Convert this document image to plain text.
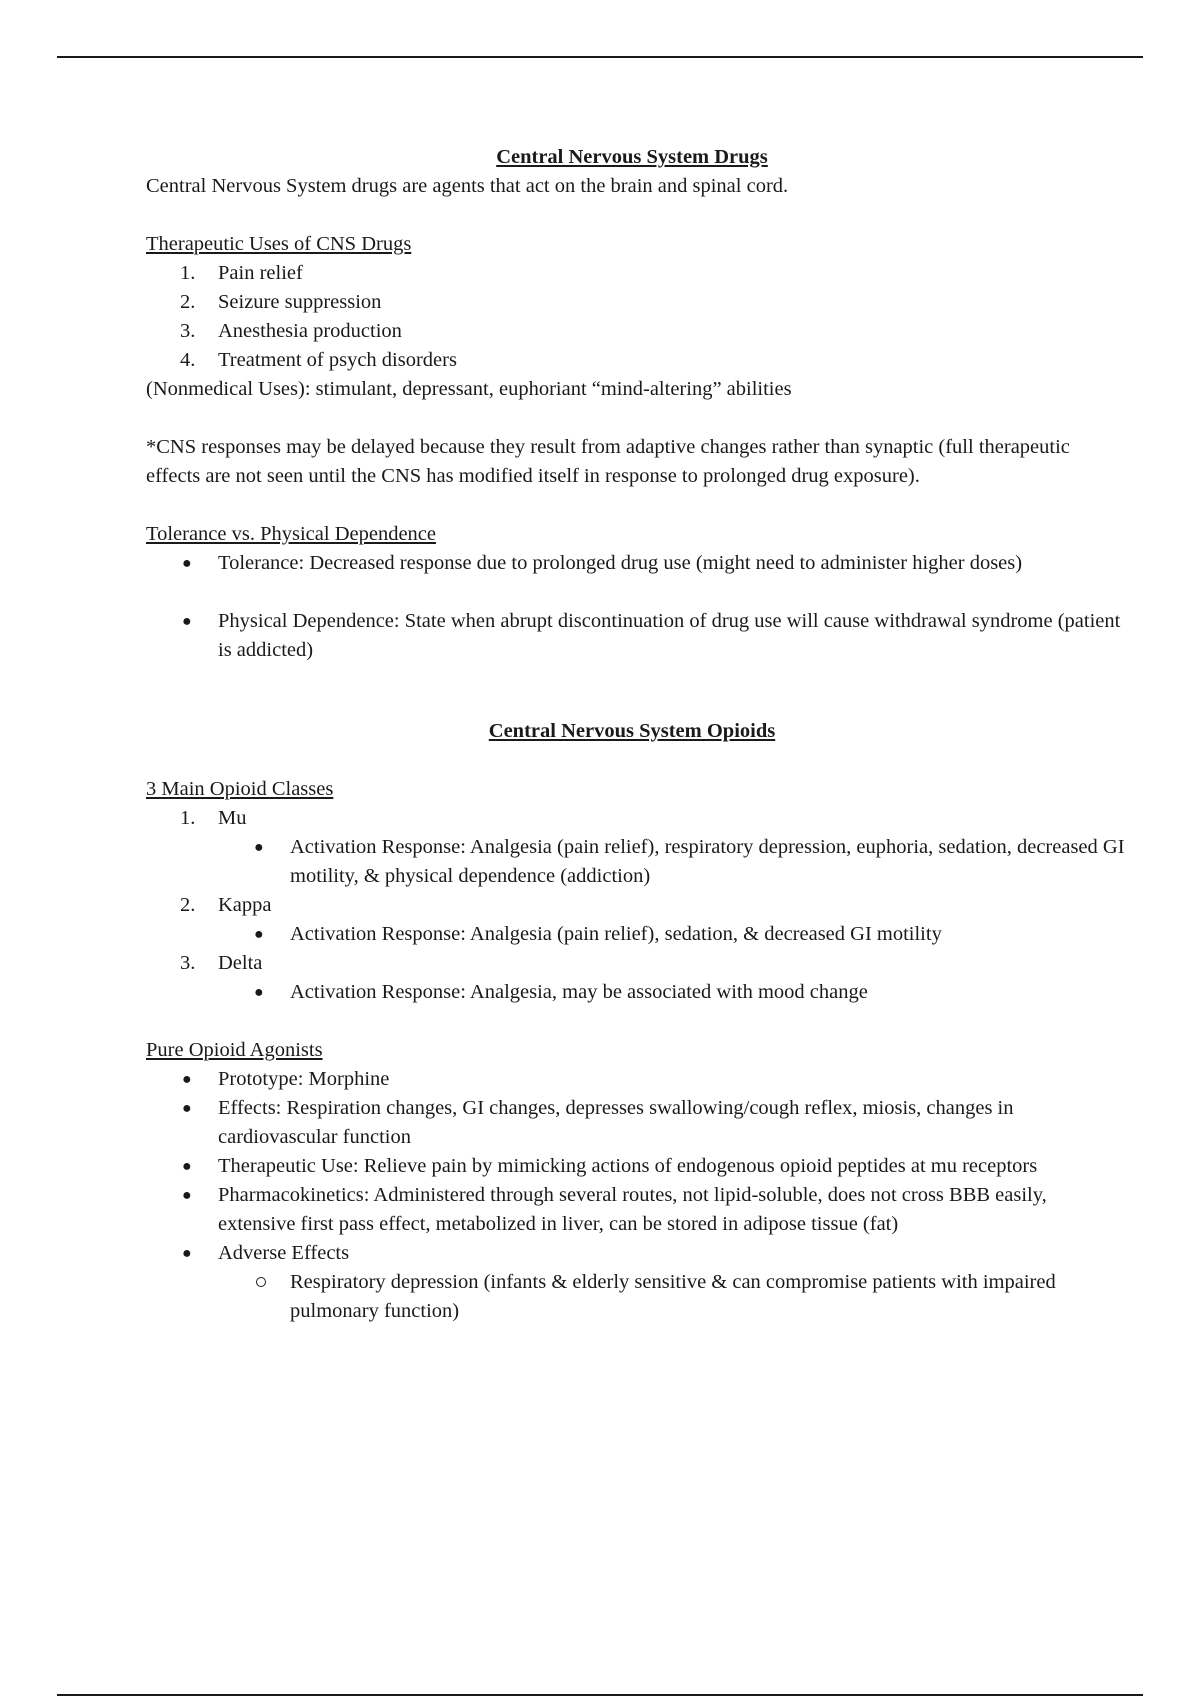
Central Nervous System Drugs

Central Nervous System drugs are agents that act on the brain and spinal cord.

Therapeutic Uses of CNS Drugs

1.	Pain relief
2.	Seizure suppression
3.	Anesthesia production
4.	Treatment of psych disorders

(Nonmedical Uses): stimulant, depressant, euphoriant “mind-altering” abilities

*CNS responses may be delayed because they result from adaptive changes rather than synaptic (full therapeutic effects are not seen until the CNS has modified itself in response to prolonged drug exposure).

Tolerance vs. Physical Dependence

● Tolerance: Decreased response due to prolonged drug use (might need to administer higher doses)
● Physical Dependence: State when abrupt discontinuation of drug use will cause withdrawal syndrome (patient is addicted)

Central Nervous System Opioids

3 Main Opioid Classes

1.	Mu
● Activation Response: Analgesia (pain relief), respiratory depression, euphoria, sedation, decreased GI motility, & physical dependence (addiction)
2.	Kappa
● Activation Response: Analgesia (pain relief), sedation, & decreased GI motility
3.	Delta
● Activation Response: Analgesia, may be associated with mood change

Pure Opioid Agonists

● Prototype: Morphine
● Effects: Respiration changes, GI changes, depresses swallowing/cough reflex, miosis, changes in cardiovascular function
● Therapeutic Use: Relieve pain by mimicking actions of endogenous opioid peptides at mu receptors
● Pharmacokinetics: Administered through several routes, not lipid-soluble, does not cross BBB easily, extensive first pass effect, metabolized in liver, can be stored in adipose tissue (fat)
● Adverse Effects
Respiratory depression (infants & elderly sensitive & can compromise patients with impaired pulmonary function)
